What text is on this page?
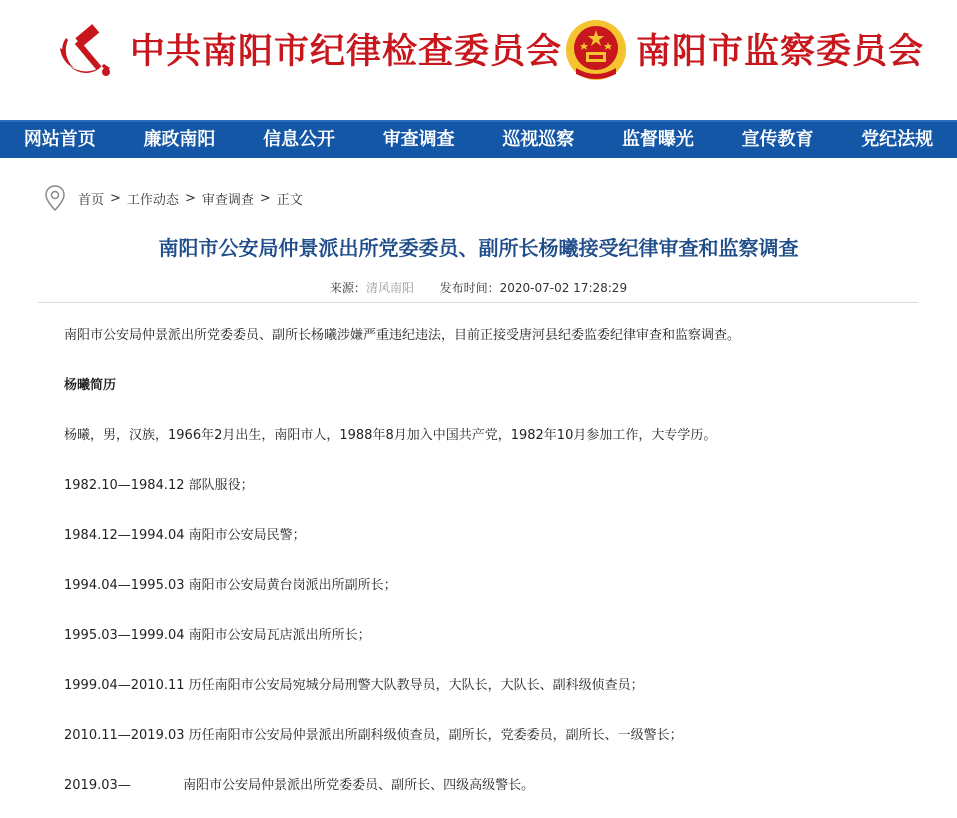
中共南阳市纪律检查委员会 南阳市监察委员会
网站首页	廉政南阳	信息公开	审查调查	巡视巡察	监督曝光	宣传教育	党纪法规
首页 > 工作动态 > 审查调查 > 正文
南阳市公安局仲景派出所党委委员、副所长杨曦接受纪律审查和监察调查
来源：清风南阳 发布时间：2020-07-02 17:28:29
南阳市公安局仲景派出所党委委员、副所长杨曦涉嫌严重违纪违法，目前正接受唐河县纪委监委纪律审查和监察调查。
杨曦简历
杨曦，男，汉族，1966年2月出生，南阳市人，1988年8月加入中国共产党，1982年10月参加工作，大专学历。
1982.10—1984.12 部队服役；
1984.12—1994.04 南阳市公安局民警；
1994.04—1995.03 南阳市公安局黄台岗派出所副所长；
1995.03—1999.04 南阳市公安局瓦店派出所所长；
1999.04—2010.11 历任南阳市公安局宛城分局刑警大队教导员，大队长，大队长、副科级侦查员；
2010.11—2019.03 历任南阳市公安局仲景派出所副科级侦查员，副所长，党委委员，副所长、一级警长；
2019.03—	南阳市公安局仲景派出所党委委员、副所长、四级高级警长。
